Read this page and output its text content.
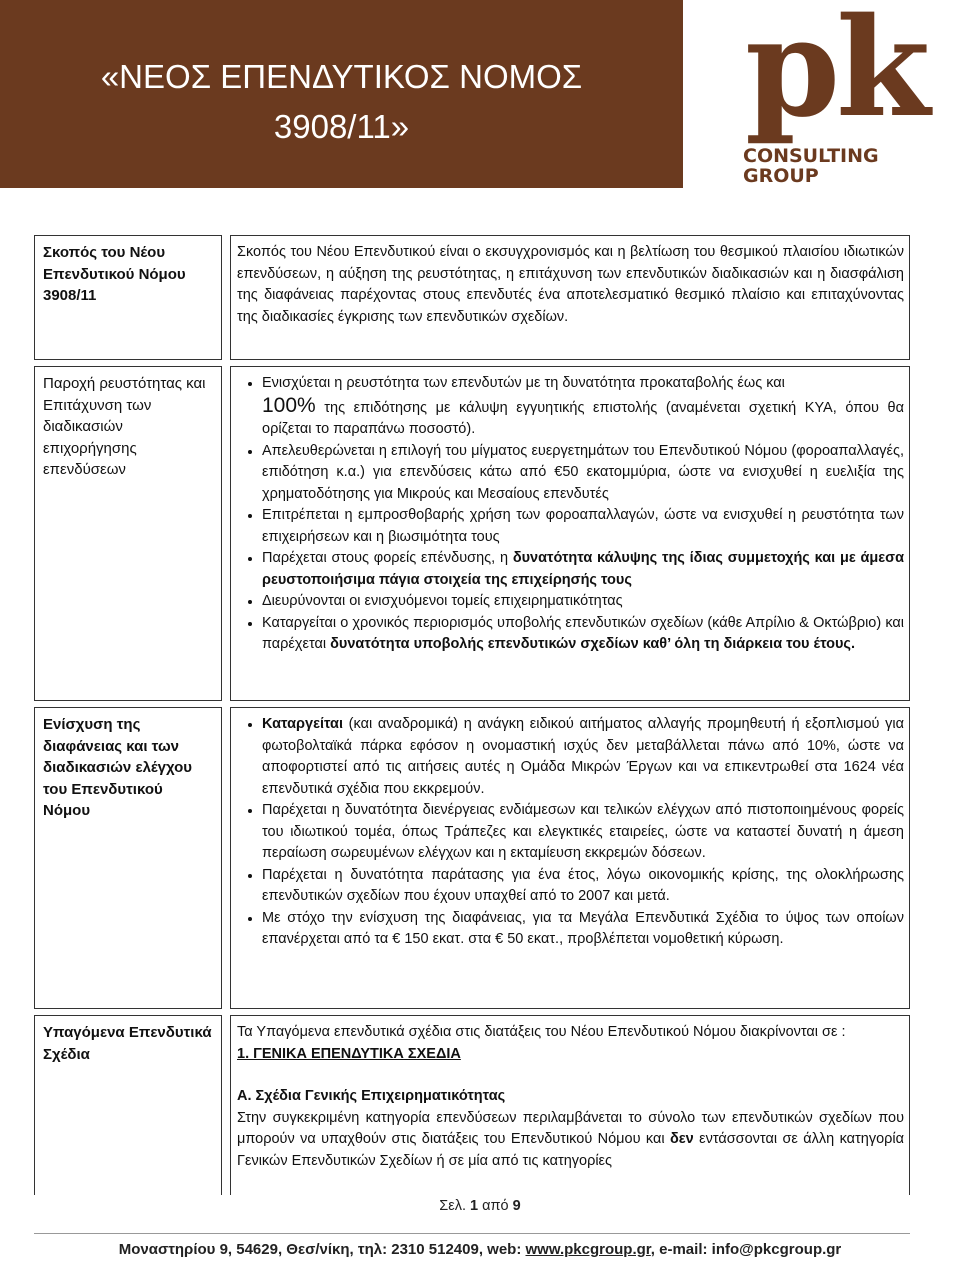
«ΝΕΟΣ ΕΠΕΝΔΥΤΙΚΟΣ ΝΟΜΟΣ
3908/11»	pk
CONSULTING
GROUP
Σκοπός του Νέου Επενδυτικού Νόμου 3908/11
Σκοπός του Νέου Επενδυτικού είναι ο εκσυγχρονισμός και η βελτίωση του θεσμικού πλαισίου ιδιωτικών επενδύσεων, η αύξηση της ρευστότητας, η επιτάχυνση των επενδυτικών διαδικασιών και η διασφάλιση της διαφάνειας παρέχοντας στους επενδυτές ένα αποτελεσματικό θεσμικό πλαίσιο και επιταχύνοντας της διαδικασίες έγκρισης των επενδυτικών σχεδίων.
Παροχή ρευστότητας και Επιτάχυνση των διαδικασιών επιχορήγησης επενδύσεων
• Ενισχύεται η ρευστότητα των επενδυτών με τη δυνατότητα προκαταβολής έως και
100% της επιδότησης με κάλυψη εγγυητικής επιστολής (αναμένεται σχετική ΚΥΑ, όπου θα ορίζεται το παραπάνω ποσοστό).
• Απελευθερώνεται η επιλογή του μίγματος ευεργετημάτων του Επενδυτικού Νόμου (φοροαπαλλαγές, επιδότηση κ.α.) για επενδύσεις κάτω από €50 εκατομμύρια, ώστε να ενισχυθεί η ευελιξία της χρηματοδότησης για Μικρούς και Μεσαίους επενδυτές
• Επιτρέπεται η εμπροσθοβαρής χρήση των φοροαπαλλαγών, ώστε να ενισχυθεί η ρευστότητα των επιχειρήσεων και η βιωσιμότητα τους
• Παρέχεται στους φορείς επένδυσης, η δυνατότητα κάλυψης της ίδιας συμμετοχής και με άμεσα ρευστοποιήσιμα πάγια στοιχεία της επιχείρησής τους
• Διευρύνονται οι ενισχυόμενοι τομείς επιχειρηματικότητας
• Καταργείται ο χρονικός περιορισμός υποβολής επενδυτικών σχεδίων (κάθε Απρίλιο & Οκτώβριο) και παρέχεται δυνατότητα υποβολής επενδυτικών σχεδίων καθ’ όλη τη διάρκεια του έτους.
Ενίσχυση της διαφάνειας και των διαδικασιών ελέγχου του Επενδυτικού Νόμου
• Καταργείται (και αναδρομικά) η ανάγκη ειδικού αιτήματος αλλαγής προμηθευτή ή εξοπλισμού για φωτοβολταϊκά πάρκα εφόσον η ονομαστική ισχύς δεν μεταβάλλεται πάνω από 10%, ώστε να αποφορτιστεί από τις αιτήσεις αυτές η Ομάδα Μικρών Έργων και να επικεντρωθεί στα 1624 νέα επενδυτικά σχέδια που εκκρεμούν.
• Παρέχεται η δυνατότητα διενέργειας ενδιάμεσων και τελικών ελέγχων από πιστοποιημένους φορείς του ιδιωτικού τομέα, όπως Τράπεζες και ελεγκτικές εταιρείες, ώστε να καταστεί δυνατή η άμεση περαίωση σωρευμένων ελέγχων και η εκταμίευση εκκρεμών δόσεων.
• Παρέχεται η δυνατότητα παράτασης για ένα έτος, λόγω οικονομικής κρίσης, της ολοκλήρωσης επενδυτικών σχεδίων που έχουν υπαχθεί από το 2007 και μετά.
• Με στόχο την ενίσχυση της διαφάνειας, για τα Μεγάλα Επενδυτικά Σχέδια το ύψος των οποίων επανέρχεται από τα € 150 εκατ. στα € 50 εκατ., προβλέπεται νομοθετική κύρωση.
Υπαγόμενα Επενδυτικά Σχέδια
Τα Υπαγόμενα επενδυτικά σχέδια στις διατάξεις του Νέου Επενδυτικού Νόμου διακρίνονται σε :
1. ΓΕΝΙΚΑ ΕΠΕΝΔΥΤΙΚΑ ΣΧΕΔΙΑ
Α. Σχέδια Γενικής Επιχειρηματικότητας
Στην συγκεκριμένη κατηγορία επενδύσεων περιλαμβάνεται το σύνολο των επενδυτικών σχεδίων που μπορούν να υπαχθούν στις διατάξεις του Επενδυτικού Νόμου και δεν εντάσσονται σε άλλη κατηγορία Γενικών Επενδυτικών Σχεδίων ή σε μία από τις κατηγορίες
Σελ. 1 από 9
Μοναστηρίου 9, 54629, Θεσ/νίκη, τηλ: 2310 512409, web: www.pkcgroup.gr, e-mail: info@pkcgroup.gr
